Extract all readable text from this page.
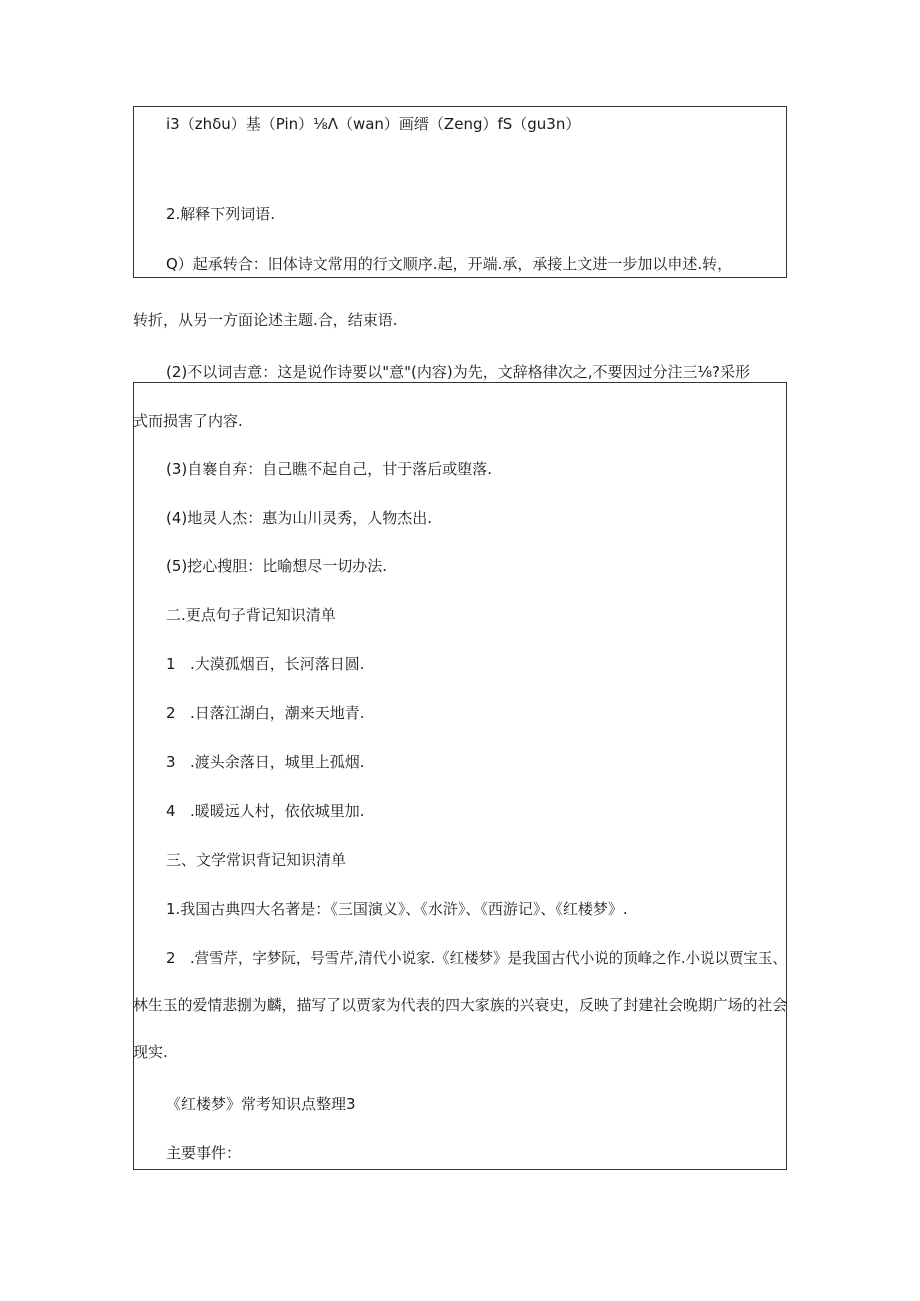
i3（zhδu）基（Pin）⅛Λ（wan）画缙（Zeng）fS（gu3n）
2.解释下列词语.
Q）起承转合：旧体诗文常用的行文顺序.起，开端.承，承接上文进一步加以申述.转，
转折，从另一方面论述主题.合，结束语.
(2)不以词吉意：这是说作诗要以"意"(内容)为先，文辞格律次之,不要因过分注三⅛?采形
式而损害了内容.
(3)自褰自弃：自己瞧不起自己，甘于落后或堕落.
(4)地灵人杰：惠为山川灵秀，人物杰出.
(5)挖心搜胆：比喻想尽一切办法.
二.更点句子背记知识清单
1 .大漠孤烟百，长河落日圆.
2 .日落江湖白，潮来天地青.
3 .渡头余落日，城里上孤烟.
4 .暖暖远人村，依依城里加.
三、文学常识背记知识清单
1.我国古典四大名著是：《三国演义》、《水浒》、《西游记》、《红楼梦》.
2 .营雪芹，字梦阮，号雪芹,清代小说家.《红楼梦》是我国古代小说的顶峰之作.小说以贾宝玉、
林生玉的爱情悲捌为麟，描写了以贾家为代表的四大家族的兴衰史，反映了封建社会晚期广场的社会
现实.
《红楼梦》常考知识点整理3
主要事件：
